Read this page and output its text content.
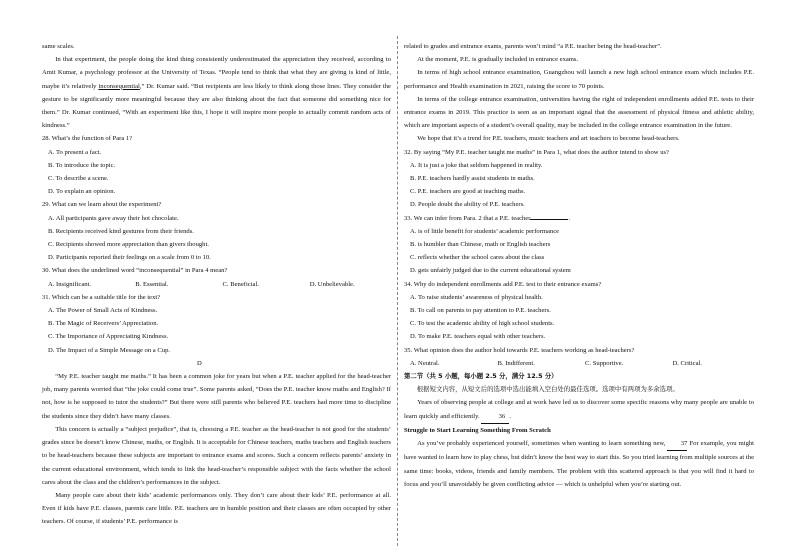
same scales.

In that experiment, the people doing the kind thing consistently underestimated the appreciation they received, according to Amit Kumar, a psychology professor at the University of Texas. “People tend to think that what they are giving is kind of little, maybe it’s relatively inconsequential,” Dr. Kumar said. “But recipients are less likely to think along those lines. They consider the gesture to be significantly more meaningful because they are also thinking about the fact that someone did something nice for them.” Dr. Kumar continued, “With an experiment like this, I hope it will inspire more people to actually commit random acts of kindness.”

28. What’s the function of Para 1?

A. To present a fact.
B. To introduce the topic.
C. To describe a scene.
D. To explain an opinion.

29. What can we learn about the experiment?

A. All participants gave away their hot chocolate.
B. Recipients received kind gestures from their friends.
C. Recipients showed more appreciation than givers thought.
D. Participants reported their feelings on a scale from 0 to 10.

30. What does the underlined word “inconsequential” in Para 4 mean?

A. Insignificant.	B. Essential.	C. Beneficial.	D. Unbelievable.

31. Which can be a suitable title for the text?

A. The Power of Small Acts of Kindness.
B. The Magic of Receivers’ Appreciation.
C. The Importance of Appreciating Kindness.
D. The Impact of a Simple Message on a Cup.

D

“My P.E. teacher taught me maths.” It has been a common joke for years but when a P.E. teacher applied for the head-teacher job, many parents worried that “the joke could come true”. Some parents asked, “Does the P.E. teacher know maths and English? If not, how is he supposed to tutor the students?” But there were still parents who believed P.E. teachers had more time to discipline the students since they didn’t have many classes.

This concern is actually a “subject prejudice”, that is, choosing a P.E. teacher as the head-teacher is not good for the students’ grades since he doesn’t know Chinese, maths, or English. It is acceptable for Chinese teachers, maths teachers and English teachers to be head-teachers because these subjects are important to entrance exams and scores. Such a concern reflects parents’ anxiety in the current educational environment, which tends to link the head-teacher’s responsible subject with the facts whether the school cares about the class and the children’s performances in the subject.

Many people care about their kids’ academic performances only. They don’t care about their kids’ P.E. performance at all. Even if kids have P.E. classes, parents care little. P.E. teachers are in humble position and their classes are often occupied by other teachers. Of course, if students’ P.E. performance is

related to grades and entrance exams, parents won’t mind “a P.E. teacher being the head-teacher”.

At the moment, P.E. is gradually included in entrance exams.

In terms of high school entrance examination, Guangzhou will launch a new high school entrance exam which includes P.E. performance and Health examination in 2021, raising the score to 70 points.

In terms of the college entrance examination, universities having the right of independent enrollments added P.E. tests to their entrance exams in 2019. This practice is seen as an important signal that the assessment of physical fitness and athletic ability, which are important aspects of a student’s overall quality, may be included in the college entrance examination in the future.

We hope that it’s a trend for P.E. teachers, music teachers and art teachers to become head-teachers.

32. By saying “My P.E. teacher taught me maths” in Para 1, what does the author intend to show us?

A. It is just a joke that seldom happened in reality.
B. P.E. teachers hardly assist students in maths.
C. P.E. teachers are good at teaching maths.
D. People doubt the ability of P.E. teachers.

33. We can infer from Para. 2 that a P.E. teacher	.

A. is of little benefit for students’ academic performance
B. is humbler than Chinese, math or English teachers
C. reflects whether the school cares about the class
D. gets unfairly judged due to the current educational system

34. Why do independent enrollments add P.E. test to their entrance exams?

A. To raise students’ awareness of physical health.
B. To call on parents to pay attention to P.E. teachers.
C. To test the academic ability of high school students.
D. To make P.E. teachers equal with other teachers.

35. What opinion does the author hold towards P.E. teachers working as head-teachers?

A. Neutral.	B. Indifferent.	C. Supportive.	D. Critical.

第二节（共 5 小题，每小题 2.5 分，满分 12.5 分）

根据短文内容，从短文后的选项中选出能填入空白处的最佳选项。选项中有两项为多余选项。

Years of observing people at college and at work have led us to discover some specific reasons why many people are unable to learn quickly and efficiently.	36 .

Struggle to Start Learning Something From Scratch

As you’ve probably experienced yourself, sometimes when wanting to learn something new, 37 For example, you might have wanted to learn how to play chess, but didn’t know the best way to start this. So you tried learning from multiple sources at the same time: books, videos, friends and family members. The problem with this scattered approach is that you will find it hard to focus and you’ll unavoidably be given conflicting advice — which is unhelpful when you’re starting out.
